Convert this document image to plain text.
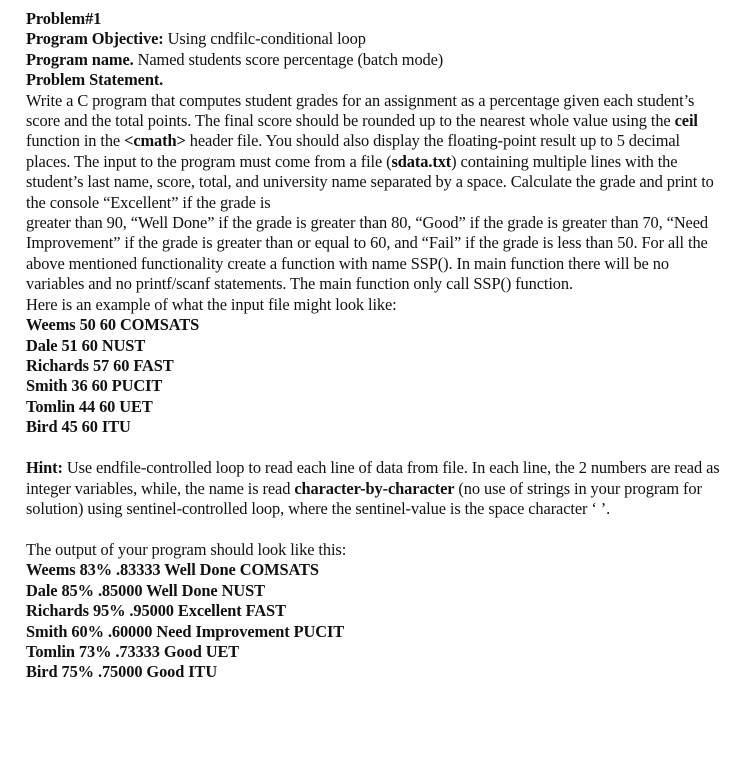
Problem#1
Program Objective: Using cndfilc-conditional loop
Program name. Named students score percentage (batch mode)
Problem Statement.
Write a C program that computes student grades for an assignment as a percentage given each student’s score and the total points. The final score should be rounded up to the nearest whole value using the ceil function in the <cmath> header file. You should also display the floating-point result up to 5 decimal places. The input to the program must come from a file (sdata.txt) containing multiple lines with the student’s last name, score, total, and university name separated by a space. Calculate the grade and print to the console “Excellent” if the grade is
greater than 90, “Well Done” if the grade is greater than 80, “Good” if the grade is greater than 70, “Need Improvement” if the grade is greater than or equal to 60, and “Fail” if the grade is less than 50. For all the above mentioned functionality create a function with name SSP(). In main function there will be no variables and no printf/scanf statements. The main function only call SSP() function.
Here is an example of what the input file might look like:
Weems 50 60 COMSATS
Dale 51 60 NUST
Richards 57 60 FAST
Smith 36 60 PUCIT
Tomlin 44 60 UET
Bird 45 60 ITU
Hint: Use endfile-controlled loop to read each line of data from file. In each line, the 2 numbers are read as integer variables, while, the name is read character-by-character (no use of strings in your program for solution) using sentinel-controlled loop, where the sentinel-value is the space character ‘ ’.
The output of your program should look like this:
Weems 83% .83333 Well Done COMSATS
Dale 85% .85000 Well Done NUST
Richards 95% .95000 Excellent FAST
Smith 60% .60000 Need Improvement PUCIT
Tomlin 73% .73333 Good UET
Bird 75% .75000 Good ITU
